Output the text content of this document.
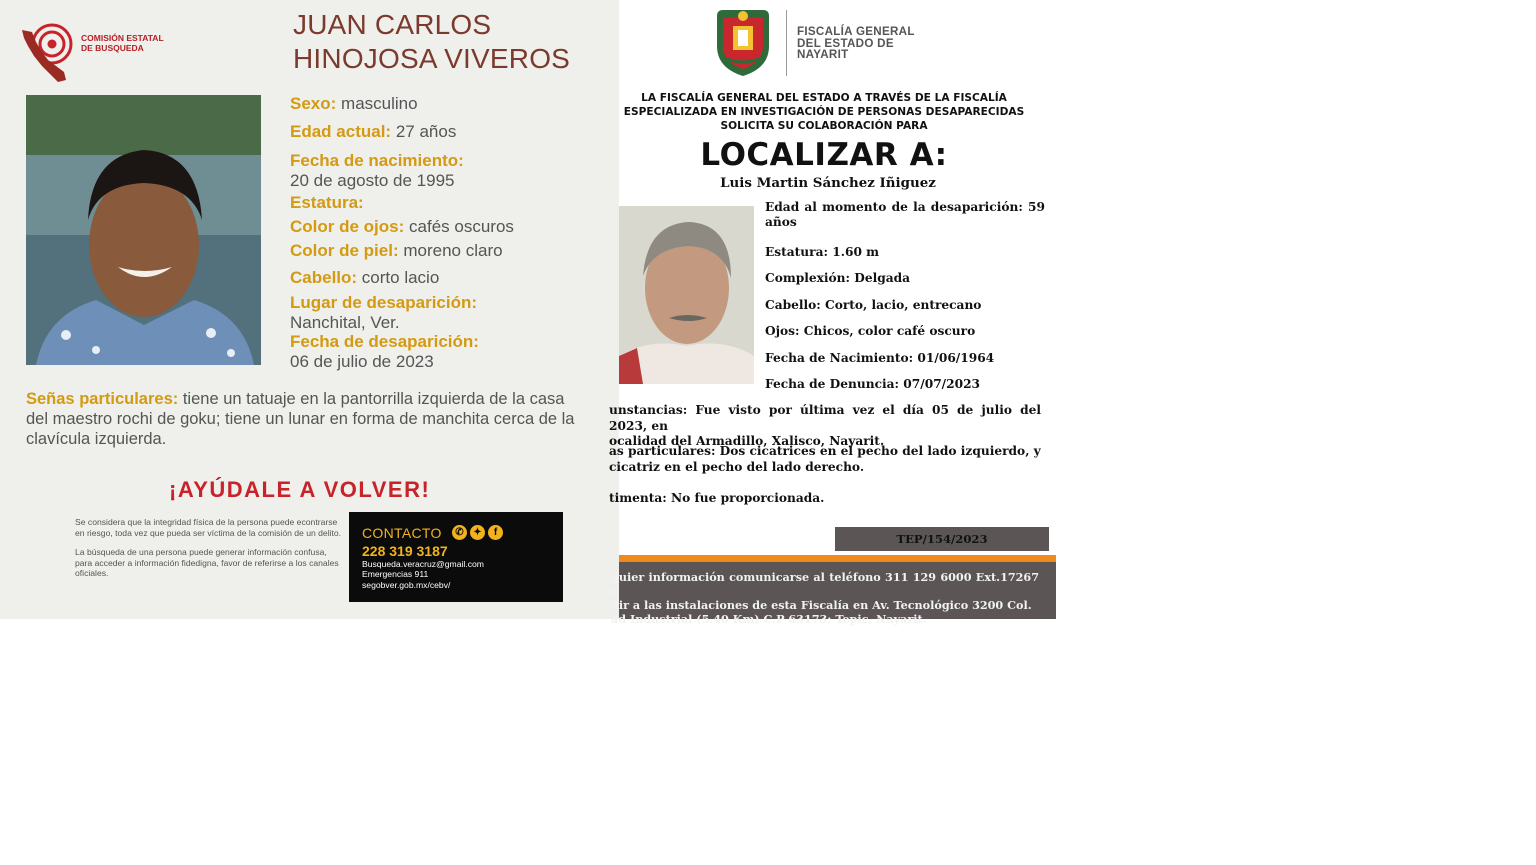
COMISIÓN ESTATAL
DE BUSQUEDA
JUAN CARLOS
HINOJOSA VIVEROS
Sexo: masculino
Edad actual: 27 años
Fecha de nacimiento:
20 de agosto de 1995
Estatura:
Color de ojos: cafés oscuros
Color de piel: moreno claro
Cabello: corto lacio
Lugar de desaparición:
Nanchital, Ver.
Fecha de desaparición:
06 de julio de 2023
Señas particulares: tiene un tatuaje en la pantorrilla izquierda de la casa del maestro rochi de goku; tiene un lunar en forma de manchita cerca de la clavícula izquierda.
¡AYÚDALE A VOLVER!

Se considera que la integridad física de la persona puede econtrarse en riesgo, toda vez que pueda ser víctima de la comisión de un delito.

La búsqueda de una persona puede generar información confusa, para acceder a información fidedigna, favor de referirse a los canales oficiales.

CONTACTO	✆ ✦	f
228 319 3187
Busqueda.veracruz@gmail.com
Emergencias 911
segobver.gob.mx/cebv/
FISCALÍA GENERAL
DEL ESTADO DE
NAYARIT
LA FISCALÍA GENERAL DEL ESTADO A TRAVÉS DE LA FISCALÍA
ESPECIALIZADA EN INVESTIGACIÓN DE PERSONAS DESAPARECIDAS
SOLICITA SU COLABORACIÓN PARA
LOCALIZAR A:
Luis Martin Sánchez Iñiguez
Edad al momento de la desaparición: 59 años
Estatura: 1.60 m
Complexión: Delgada
Cabello: Corto, lacio, entrecano
Ojos: Chicos, color café oscuro
Fecha de Nacimiento: 01/06/1964
Fecha de Denuncia: 07/07/2023
unstancias: Fue visto por última vez el día 05 de julio del 2023, en
ocalidad del Armadillo, Xalisco, Nayarit.
as particulares: Dos cicatrices en el pecho del lado izquierdo, y
cicatriz en el pecho del lado derecho.
timenta: No fue proporcionada.
TEP/154/2023
quier información comunicarse al teléfono 311 129 6000 Ext.17267 o
dir a las instalaciones de esta Fiscalía en Av. Tecnológico 3200 Col.
ad Industrial (5.40 Km) C.P 63173; Tepic, Nayarit.
